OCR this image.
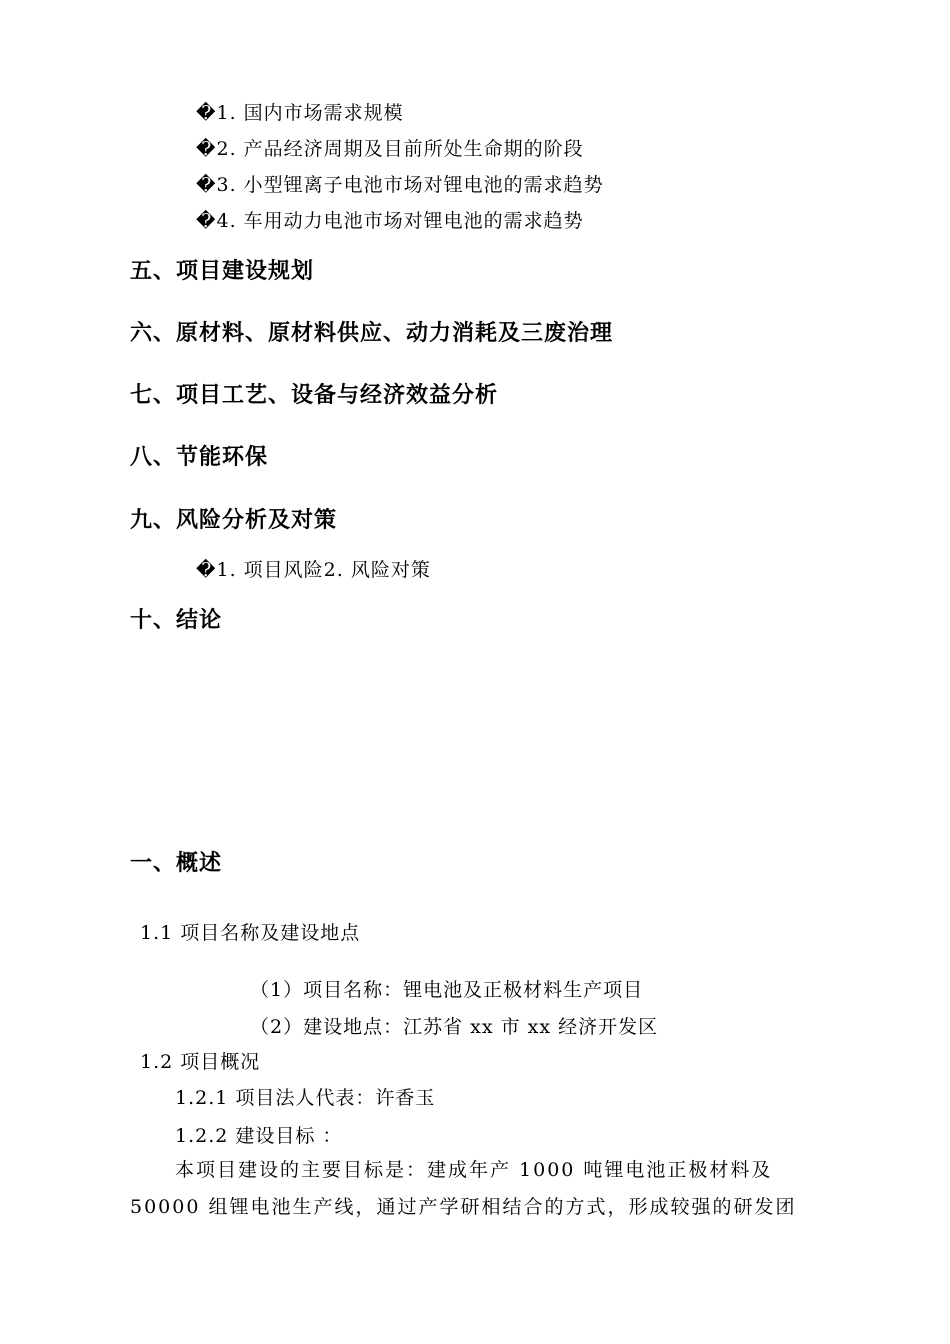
�1. 国内市场需求规模
�2. 产品经济周期及目前所处生命期的阶段
�3. 小型锂离子电池市场对锂电池的需求趋势
�4. 车用动力电池市场对锂电池的需求趋势
五、项目建设规划
六、原材料、原材料供应、动力消耗及三废治理
七、项目工艺、设备与经济效益分析
八、节能环保
九、风险分析及对策
�1. 项目风险2. 风险对策
十、结论
一、概述
1.1 项目名称及建设地点
（1）项目名称：锂电池及正极材料生产项目
（2）建设地点：江苏省 xx 市 xx 经济开发区
1.2 项目概况
1.2.1 项目法人代表：许香玉
1.2.2 建设目标 ：
本项目建设的主要目标是：建成年产 1000 吨锂电池正极材料及
50000 组锂电池生产线，通过产学研相结合的方式，形成较强的研发团
